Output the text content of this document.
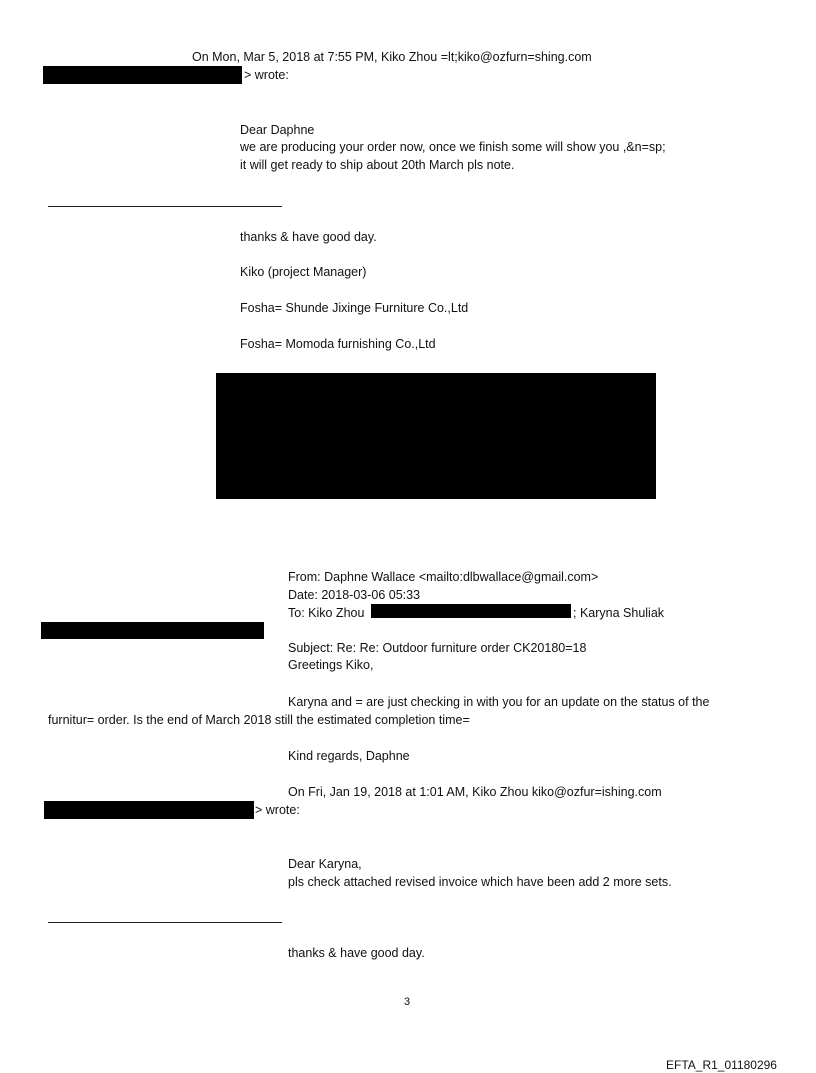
On Mon, Mar 5, 2018 at 7:55 PM, Kiko Zhou =lt;kiko@ozfurn=shing.com
> wrote:
Dear Daphne
we are producing your order now, once we finish some will show you ,&n=sp;
it will get ready to ship about 20th March pls note.
thanks & have good day.
Kiko (project Manager)
Fosha= Shunde Jixinge Furniture Co.,Ltd
Fosha= Momoda furnishing Co.,Ltd
From: Daphne Wallace <mailto:dlbwallace@gmail.com>
Date: 2018-03-06 05:33
To: Kiko Zhou	; Karyna Shuliak
Subject: Re: Re: Outdoor furniture order CK20180=18
Greetings Kiko,
Karyna and = are just checking in with you for an update on the status of the
furnitur= order. Is the end of March 2018 still the estimated completion time=
Kind regards, Daphne
On Fri, Jan 19, 2018 at 1:01 AM, Kiko Zhou kiko@ozfur=ishing.com
> wrote:
Dear Karyna,
pls check attached revised invoice which have been add 2 more sets.
thanks & have good day.
3
EFTA_R1_01180296
